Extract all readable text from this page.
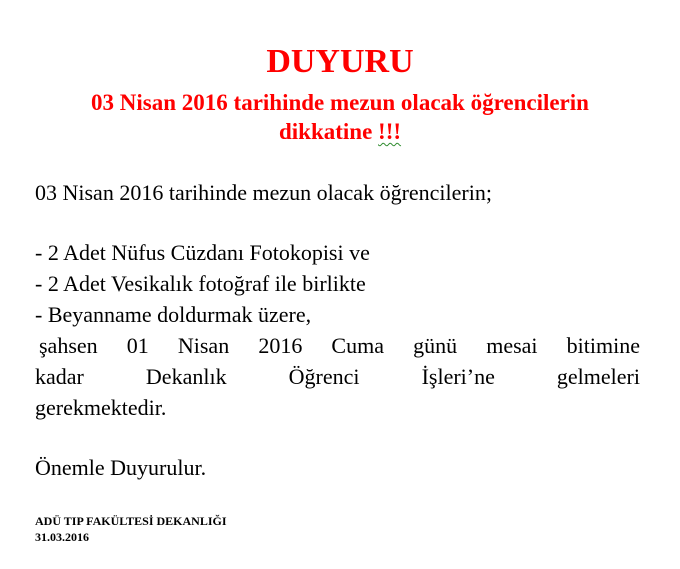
DUYURU
03 Nisan 2016 tarihinde mezun olacak öğrencilerin
dikkatine !!!

03 Nisan 2016 tarihinde mezun olacak öğrencilerin;

- 2 Adet Nüfus Cüzdanı Fotokopisi ve

- 2 Adet Vesikalık fotoğraf ile birlikte

- Beyanname doldurmak üzere,

şahsen 01 Nisan 2016 Cuma günü mesai bitimine
kadar	Dekanlık	Öğrenci	İşleri’ne	gelmeleri

gerekmektedir.

Önemle Duyurulur.

ADÜ TIP FAKÜLTESİ DEKANLIĞI
31.03.2016
